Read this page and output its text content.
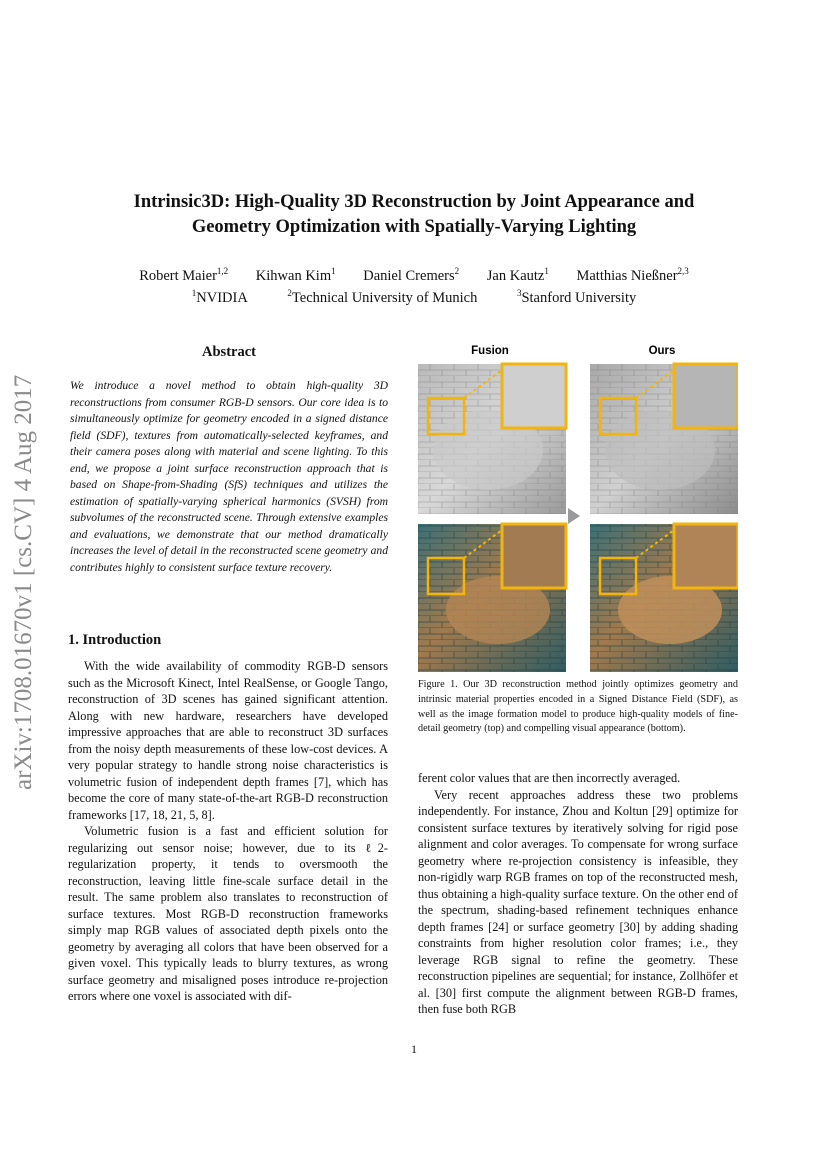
arXiv:1708.01670v1 [cs.CV] 4 Aug 2017
Intrinsic3D: High-Quality 3D Reconstruction by Joint Appearance and
Geometry Optimization with Spatially-Varying Lighting
Robert Maier$^{1,2}$ Kihwan Kim$^1$ Daniel Cremers$^2$ Jan Kautz$^1$ Matthias Nießner$^{2,3}$
$^1$NVIDIA	$^2$Technical University of Munich	$^3$Stanford University
Abstract
We introduce a novel method to obtain high-quality 3D reconstructions from consumer RGB-D sensors. Our core idea is to simultaneously optimize for geometry encoded in a signed distance field (SDF), textures from automatically-selected keyframes, and their camera poses along with material and scene lighting. To this end, we propose a joint surface reconstruction approach that is based on Shape-from-Shading (SfS) techniques and utilizes the estimation of spatially-varying spherical harmonics (SVSH) from subvolumes of the reconstructed scene. Through extensive examples and evaluations, we demonstrate that our method dramatically increases the level of detail in the reconstructed scene geometry and contributes highly to consistent surface texture recovery.
1. Introduction
With the wide availability of commodity RGB-D sensors such as the Microsoft Kinect, Intel RealSense, or Google Tango, reconstruction of 3D scenes has gained significant attention. Along with new hardware, researchers have developed impressive approaches that are able to reconstruct 3D surfaces from the noisy depth measurements of these low-cost devices. A very popular strategy to handle strong noise characteristics is volumetric fusion of independent depth frames [7], which has become the core of many state-of-the-art RGB-D reconstruction frameworks [17, 18, 21, 5, 8].
Volumetric fusion is a fast and efficient solution for regularizing out sensor noise; however, due to its ℓ2-regularization property, it tends to oversmooth the reconstruction, leaving little fine-scale surface detail in the result. The same problem also translates to reconstruction of surface textures. Most RGB-D reconstruction frameworks simply map RGB values of associated depth pixels onto the geometry by averaging all colors that have been observed for a given voxel. This typically leads to blurry textures, as wrong surface geometry and misaligned poses introduce re-projection errors where one voxel is associated with dif-
Fusion	Ours
Figure 1. Our 3D reconstruction method jointly optimizes geometry and intrinsic material properties encoded in a Signed Distance Field (SDF), as well as the image formation model to produce high-quality models of fine-detail geometry (top) and compelling visual appearance (bottom).
ferent color values that are then incorrectly averaged.
Very recent approaches address these two problems independently. For instance, Zhou and Koltun [29] optimize for consistent surface textures by iteratively solving for rigid pose alignment and color averages. To compensate for wrong surface geometry where re-projection consistency is infeasible, they non-rigidly warp RGB frames on top of the reconstructed mesh, thus obtaining a high-quality surface texture. On the other end of the spectrum, shading-based refinement techniques enhance depth frames [24] or surface geometry [30] by adding shading constraints from higher resolution color frames; i.e., they leverage RGB signal to refine the geometry. These reconstruction pipelines are sequential; for instance, Zollhöfer et al. [30] first compute the alignment between RGB-D frames, then fuse both RGB
1
